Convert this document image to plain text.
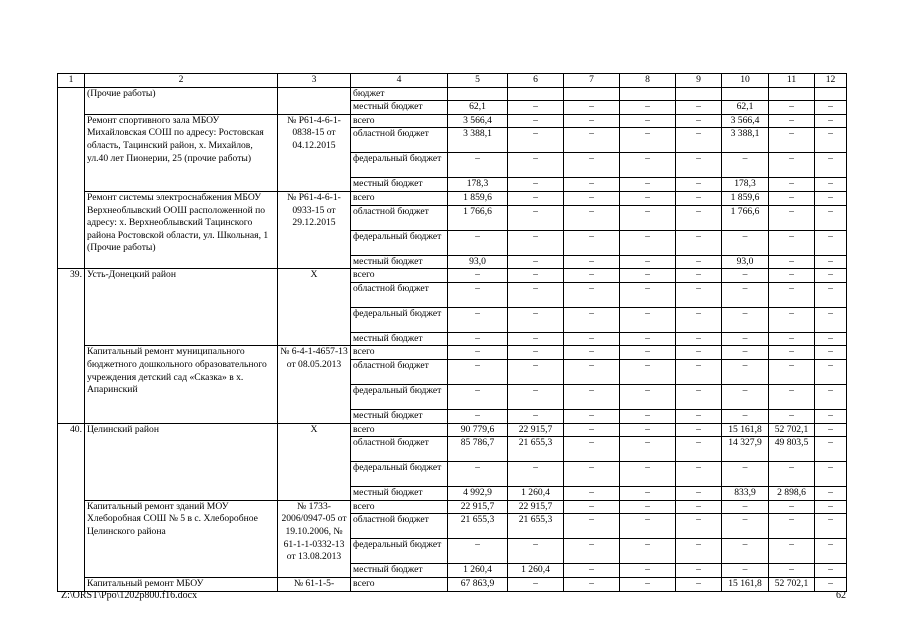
1	2	3	4	5	6	7	8	9	10	11	12
	(Прочие работы)		бюджет								
			местный бюджет	62,1	–	–	–	–	62,1	–	–
	Ремонт спортивного зала МБОУ Михайловская СОШ по адресу: Ростовская область, Тацинский район, х. Михайлов, ул.40 лет Пионерии, 25 (прочие работы)	№ Р61-4-6-1-0838-15 от 04.12.2015	всего	3 566,4	–	–	–	–	3 566,4	–	–
			областной бюджет	3 388,1	–	–	–	–	3 388,1	–	–
			федеральный бюджет	–	–	–	–	–	–	–	–
			местный бюджет	178,3	–	–	–	–	178,3	–	–
	Ремонт системы электроснабжения МБОУ Верхнеоблывский ООШ расположенной по адресу: х. Верхнеоблывский Тацинского района Ростовской области, ул. Школьная, 1 (Прочие работы)	№ Р61-4-6-1-0933-15 от 29.12.2015	всего	1 859,6	–	–	–	–	1 859,6	–	–
			областной бюджет	1 766,6	–	–	–	–	1 766,6	–	–
			федеральный бюджет	–	–	–	–	–	–	–	–
			местный бюджет	93,0	–	–	–	–	93,0	–	–
39.	Усть-Донецкий район	Х	всего	–	–	–	–	–	–	–	–
			областной бюджет	–	–	–	–	–	–	–	–
			федеральный бюджет	–	–	–	–	–	–	–	–
			местный бюджет	–	–	–	–	–	–	–	–
	Капитальный ремонт муниципального бюджетного дошкольного образовательного учреждения детский сад «Сказка» в х. Апаринский	№ 6-4-1-4657-13 от 08.05.2013	всего	–	–	–	–	–	–	–	–
			областной бюджет	–	–	–	–	–	–	–	–
			федеральный бюджет	–	–	–	–	–	–	–	–
			местный бюджет	–	–	–	–	–	–	–	–
40.	Целинский район	Х	всего	90 779,6	22 915,7	–	–	–	15 161,8	52 702,1	–
			областной бюджет	85 786,7	21 655,3	–	–	–	14 327,9	49 803,5	–
			федеральный бюджет	–	–	–	–	–	–	–	–
			местный бюджет	4 992,9	1 260,4	–	–	–	833,9	2 898,6	–
	Капитальный ремонт зданий МОУ Хлеборобная СОШ № 5 в с. Хлеборобное Целинского района	№ 1733-2006/0947-05 от 19.10.2006, № 61-1-1-0332-13 от 13.08.2013	всего	22 915,7	22 915,7	–	–	–	–	–	–
			областной бюджет	21 655,3	21 655,3	–	–	–	–	–	–
			федеральный бюджет	–	–	–	–	–	–	–	–
			местный бюджет	1 260,4	1 260,4	–	–	–	–	–	–
	Капитальный ремонт МБОУ	№ 61-1-5-	всего	67 863,9	–	–	–	–	15 161,8	52 702,1	–
Z:\ORST\Ppo\1202p800.f16.docx	62
